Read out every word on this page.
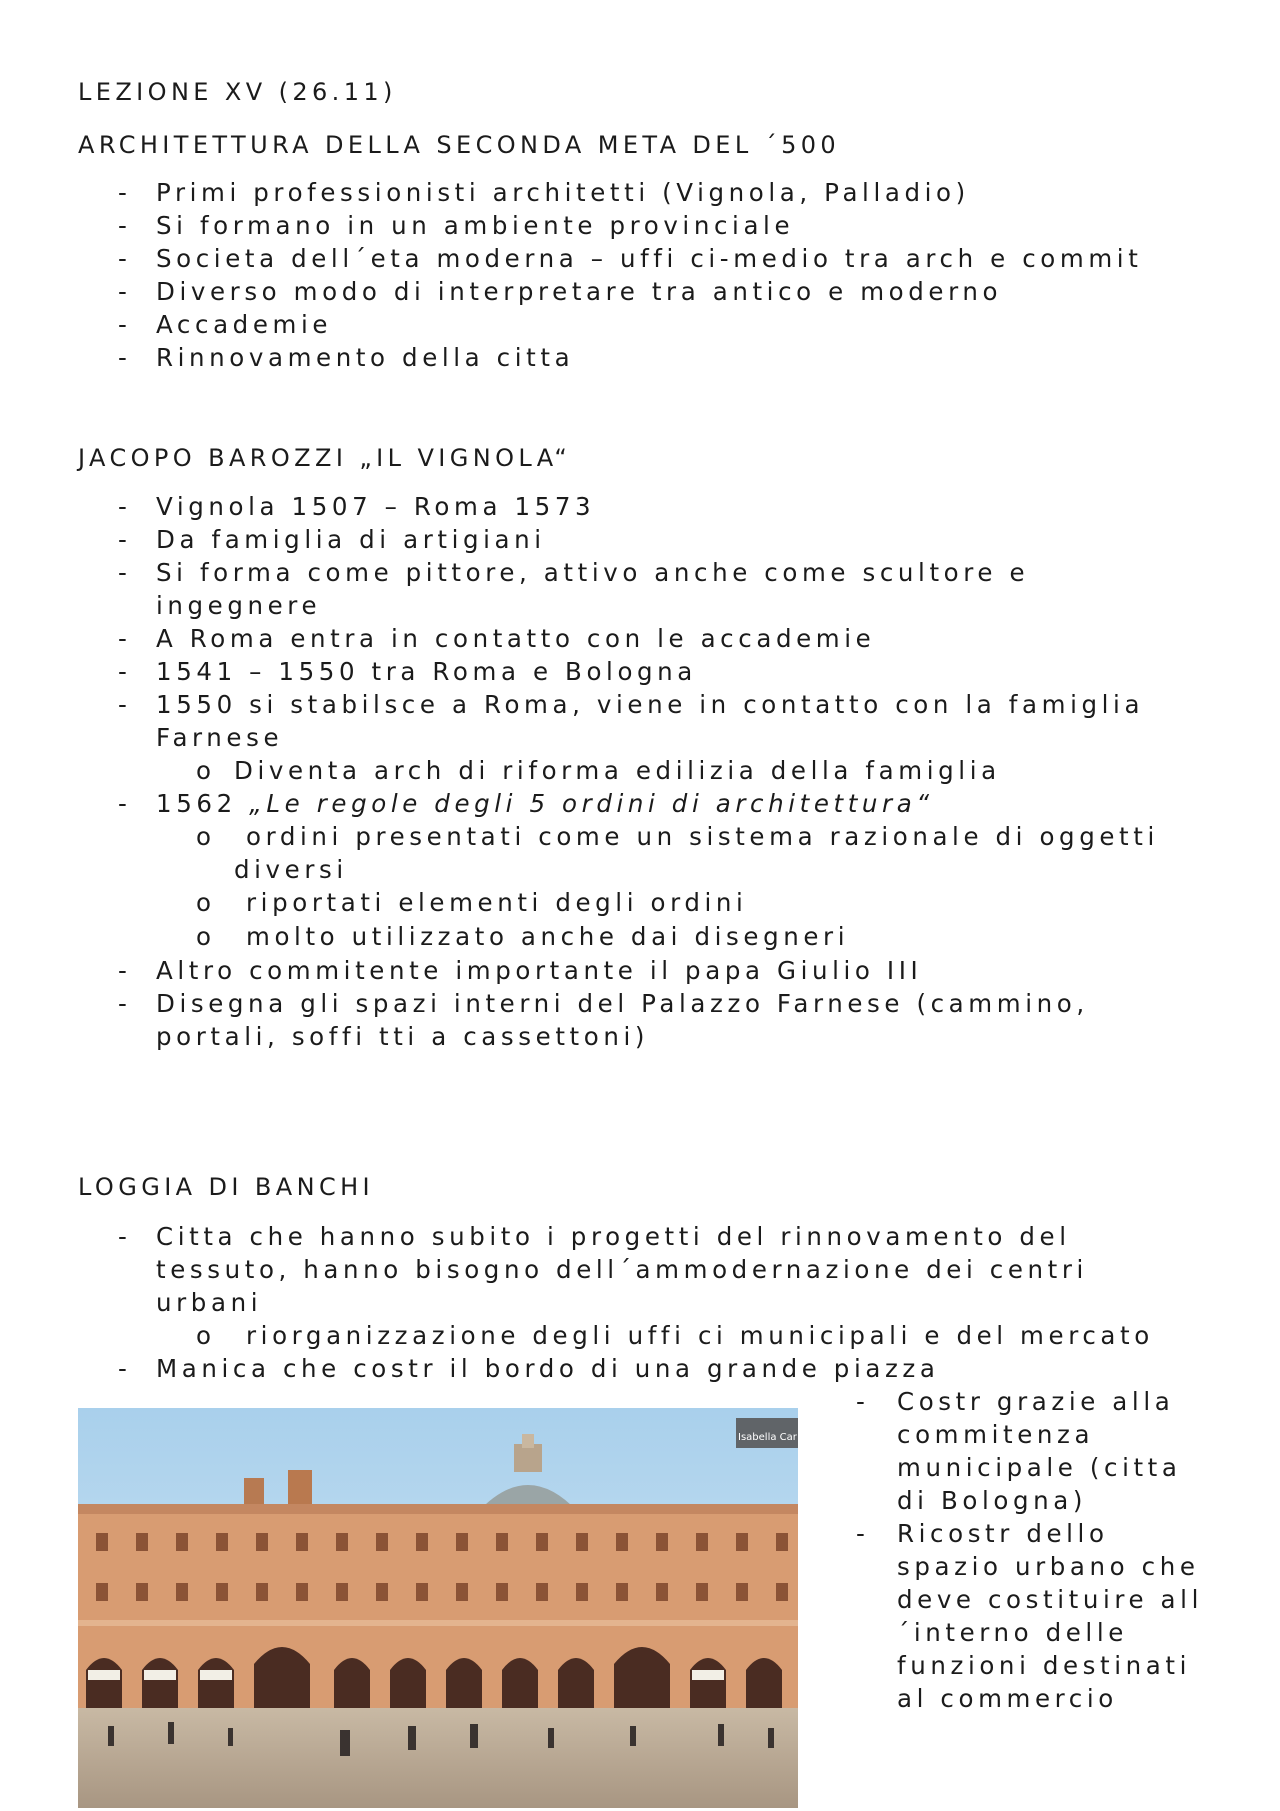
LEZIONE XV (26.11)
ARCHITETTURA DELLA SECONDA META DEL ´500
- Primi professionisti architetti (Vignola, Palladio)
- Si formano in un ambiente provinciale
- Societa dell´eta moderna – uffi ci-medio tra arch e commit
- Diverso modo di interpretare tra antico e moderno
- Accademie
- Rinnovamento della citta
JACOPO BAROZZI „IL VIGNOLA“
- Vignola 1507 – Roma 1573
- Da famiglia di artigiani
- Si forma come pittore, attivo anche come scultore e
ingegnere
- A Roma entra in contatto con le accademie
- 1541 – 1550 tra Roma e Bologna
- 1550 si stabilsce a Roma, viene in contatto con la famiglia
Farnese
o Diventa arch di riforma edilizia della famiglia
- 1562 „Le regole degli 5 ordini di architettura“
o ordini presentati come un sistema razionale di oggetti
diversi
o riportati elementi degli ordini
o molto utilizzato anche dai disegneri
- Altro commitente importante il papa Giulio III
- Disegna gli spazi interni del Palazzo Farnese (cammino,
portali, soffi tti a cassettoni)
LOGGIA DI BANCHI
- Citta che hanno subito i progetti del rinnovamento del
tessuto, hanno bisogno dell´ammodernazione dei centri
urbani
o riorganizzazione degli uffi ci municipali e del mercato
- Manica che costr il bordo di una grande piazza
- Costr grazie alla
commitenza
municipale (citta
di Bologna)
- Ricostr dello
spazio urbano che
deve costituire all
´interno delle
funzioni destinati
al commercio
Isabella Car
